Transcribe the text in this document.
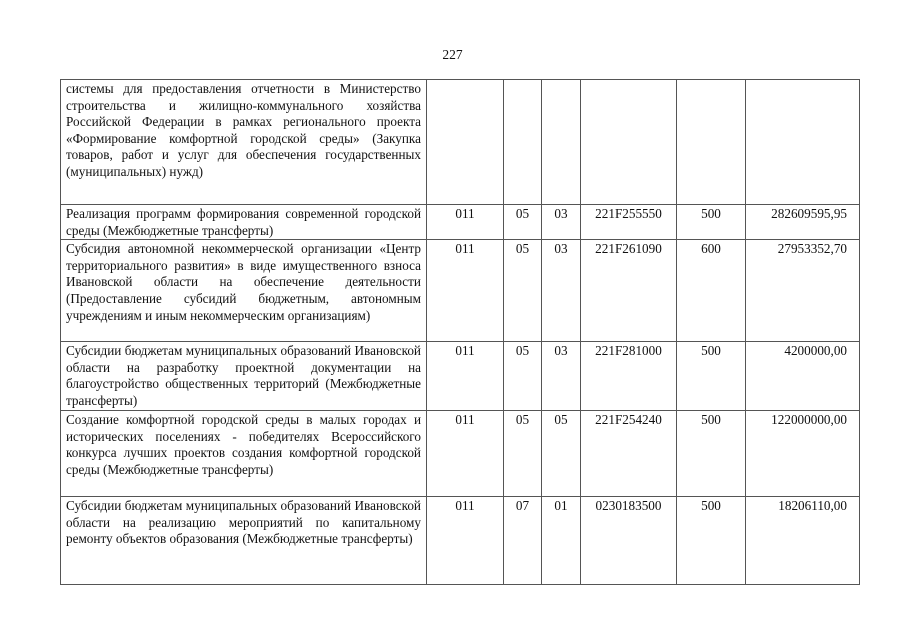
227
системы для предоставления отчетности в Министерство строительства и жилищно-коммунального хозяйства Российской Федерации в рамках регионального проекта «Формирование комфортной городской среды» (Закупка товаров, работ и услуг для обеспечения государственных (муниципальных) нужд)						
Реализация программ формирования современной городской среды (Межбюджетные трансферты)	011	05	03	221F255550	500	282609595,95
Субсидия автономной некоммерческой организации «Центр территориального развития» в виде имущественного взноса Ивановской области на обеспечение деятельности (Предоставление субсидий бюджетным, автономным учреждениям и иным некоммерческим организациям)	011	05	03	221F261090	600	27953352,70
Субсидии бюджетам муниципальных образований Ивановской области на разработку проектной документации на благоустройство общественных территорий (Межбюджетные трансферты)	011	05	03	221F281000	500	4200000,00
Создание комфортной городской среды в малых городах и исторических поселениях - победителях Всероссийского конкурса лучших проектов создания комфортной городской среды (Межбюджетные трансферты)	011	05	05	221F254240	500	122000000,00
Субсидии бюджетам муниципальных образований Ивановской области на реализацию мероприятий по капитальному ремонту объектов образования (Межбюджетные трансферты)	011	07	01	0230183500	500	18206110,00
